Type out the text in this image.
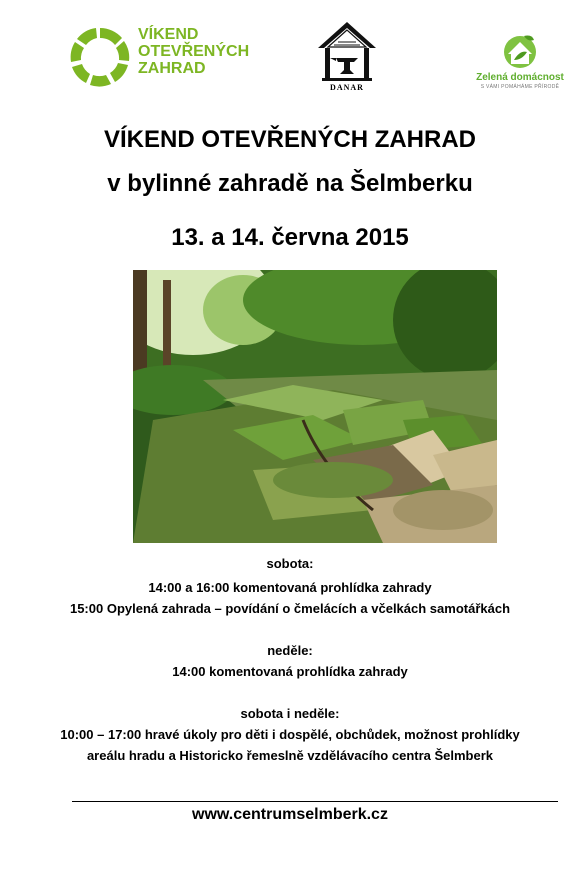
VÍKEND
OTEVŘENÝCH
ZAHRAD
DANAR
Zelená domácnost
S VÁMI POMÁHÁME PŘÍRODĚ
VÍKEND OTEVŘENÝCH ZAHRAD
v bylinné zahradě na Šelmberku
13. a 14. června 2015
sobota:
14:00 a 16:00 komentovaná prohlídka zahrady
15:00 Opylená zahrada – povídání o čmelácích a včelkách samotářkách
neděle:
14:00 komentovaná prohlídka zahrady
sobota i neděle:
10:00 – 17:00 hravé úkoly pro děti i dospělé, obchůdek, možnost prohlídky
areálu hradu a Historicko řemeslně vzdělávacího centra Šelmberk
www.centrumselmberk.cz
